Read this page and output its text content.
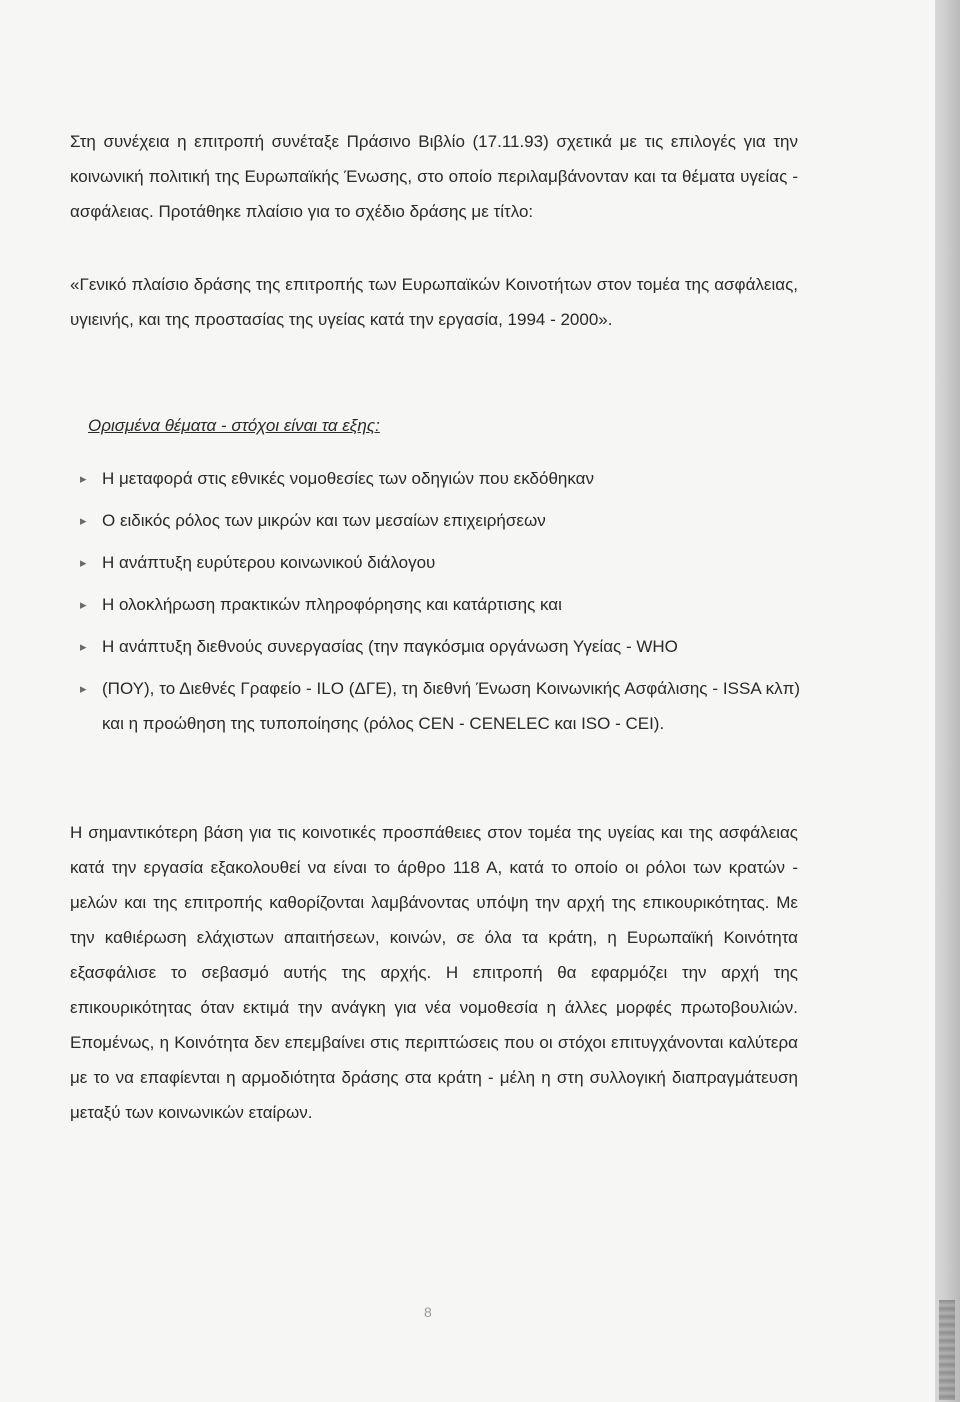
Στη συνέχεια η επιτροπή συνέταξε Πράσινο Βιβλίο (17.11.93) σχετικά με τις επιλογές για την κοινωνική πολιτική της Ευρωπαϊκής Ένωσης, στο οποίο περιλαμβάνονταν και τα θέματα υγείας - ασφάλειας. Προτάθηκε πλαίσιο για το σχέδιο δράσης με τίτλο:

«Γενικό πλαίσιο δράσης της επιτροπής των Ευρωπαϊκών Κοινοτήτων στον τομέα της ασφάλειας, υγιεινής, και της προστασίας της υγείας κατά την εργασία, 1994 - 2000».

Ορισμένα θέματα - στόχοι είναι τα εξης:

▸ Η μεταφορά στις εθνικές νομοθεσίες των οδηγιών που εκδόθηκαν
▸ Ο ειδικός ρόλος των μικρών και των μεσαίων επιχειρήσεων
▸ Η ανάπτυξη ευρύτερου κοινωνικού διάλογου
▸ Η ολοκλήρωση πρακτικών πληροφόρησης και κατάρτισης και
▸ Η ανάπτυξη διεθνούς συνεργασίας (την παγκόσμια οργάνωση Υγείας - WHO
▸ (ΠΟΥ), το Διεθνές Γραφείο - ILO (ΔΓΕ), τη διεθνή Ένωση Κοινωνικής Ασφάλισης - ISSA κλπ) και η προώθηση της τυποποίησης (ρόλος CEN - CENELEC και ISO - CEI).

Η σημαντικότερη βάση για τις κοινοτικές προσπάθειες στον τομέα της υγείας και της ασφάλειας κατά την εργασία εξακολουθεί να είναι το άρθρο 118 Α, κατά το οποίο οι ρόλοι των κρατών - μελών και της επιτροπής καθορίζονται λαμβάνοντας υπόψη την αρχή της επικουρικότητας. Με την καθιέρωση ελάχιστων απαιτήσεων, κοινών, σε όλα τα κράτη, η Ευρωπαϊκή Κοινότητα εξασφάλισε το σεβασμό αυτής της αρχής. Η επιτροπή θα εφαρμόζει την αρχή της επικουρικότητας όταν εκτιμά την ανάγκη για νέα νομοθεσία η άλλες μορφές πρωτοβουλιών. Επομένως, η Κοινότητα δεν επεμβαίνει στις περιπτώσεις που οι στόχοι επιτυγχάνονται καλύτερα με το να επαφίενται η αρμοδιότητα δράσης στα κράτη - μέλη η στη συλλογική διαπραγμάτευση μεταξύ των κοινωνικών εταίρων.

8
